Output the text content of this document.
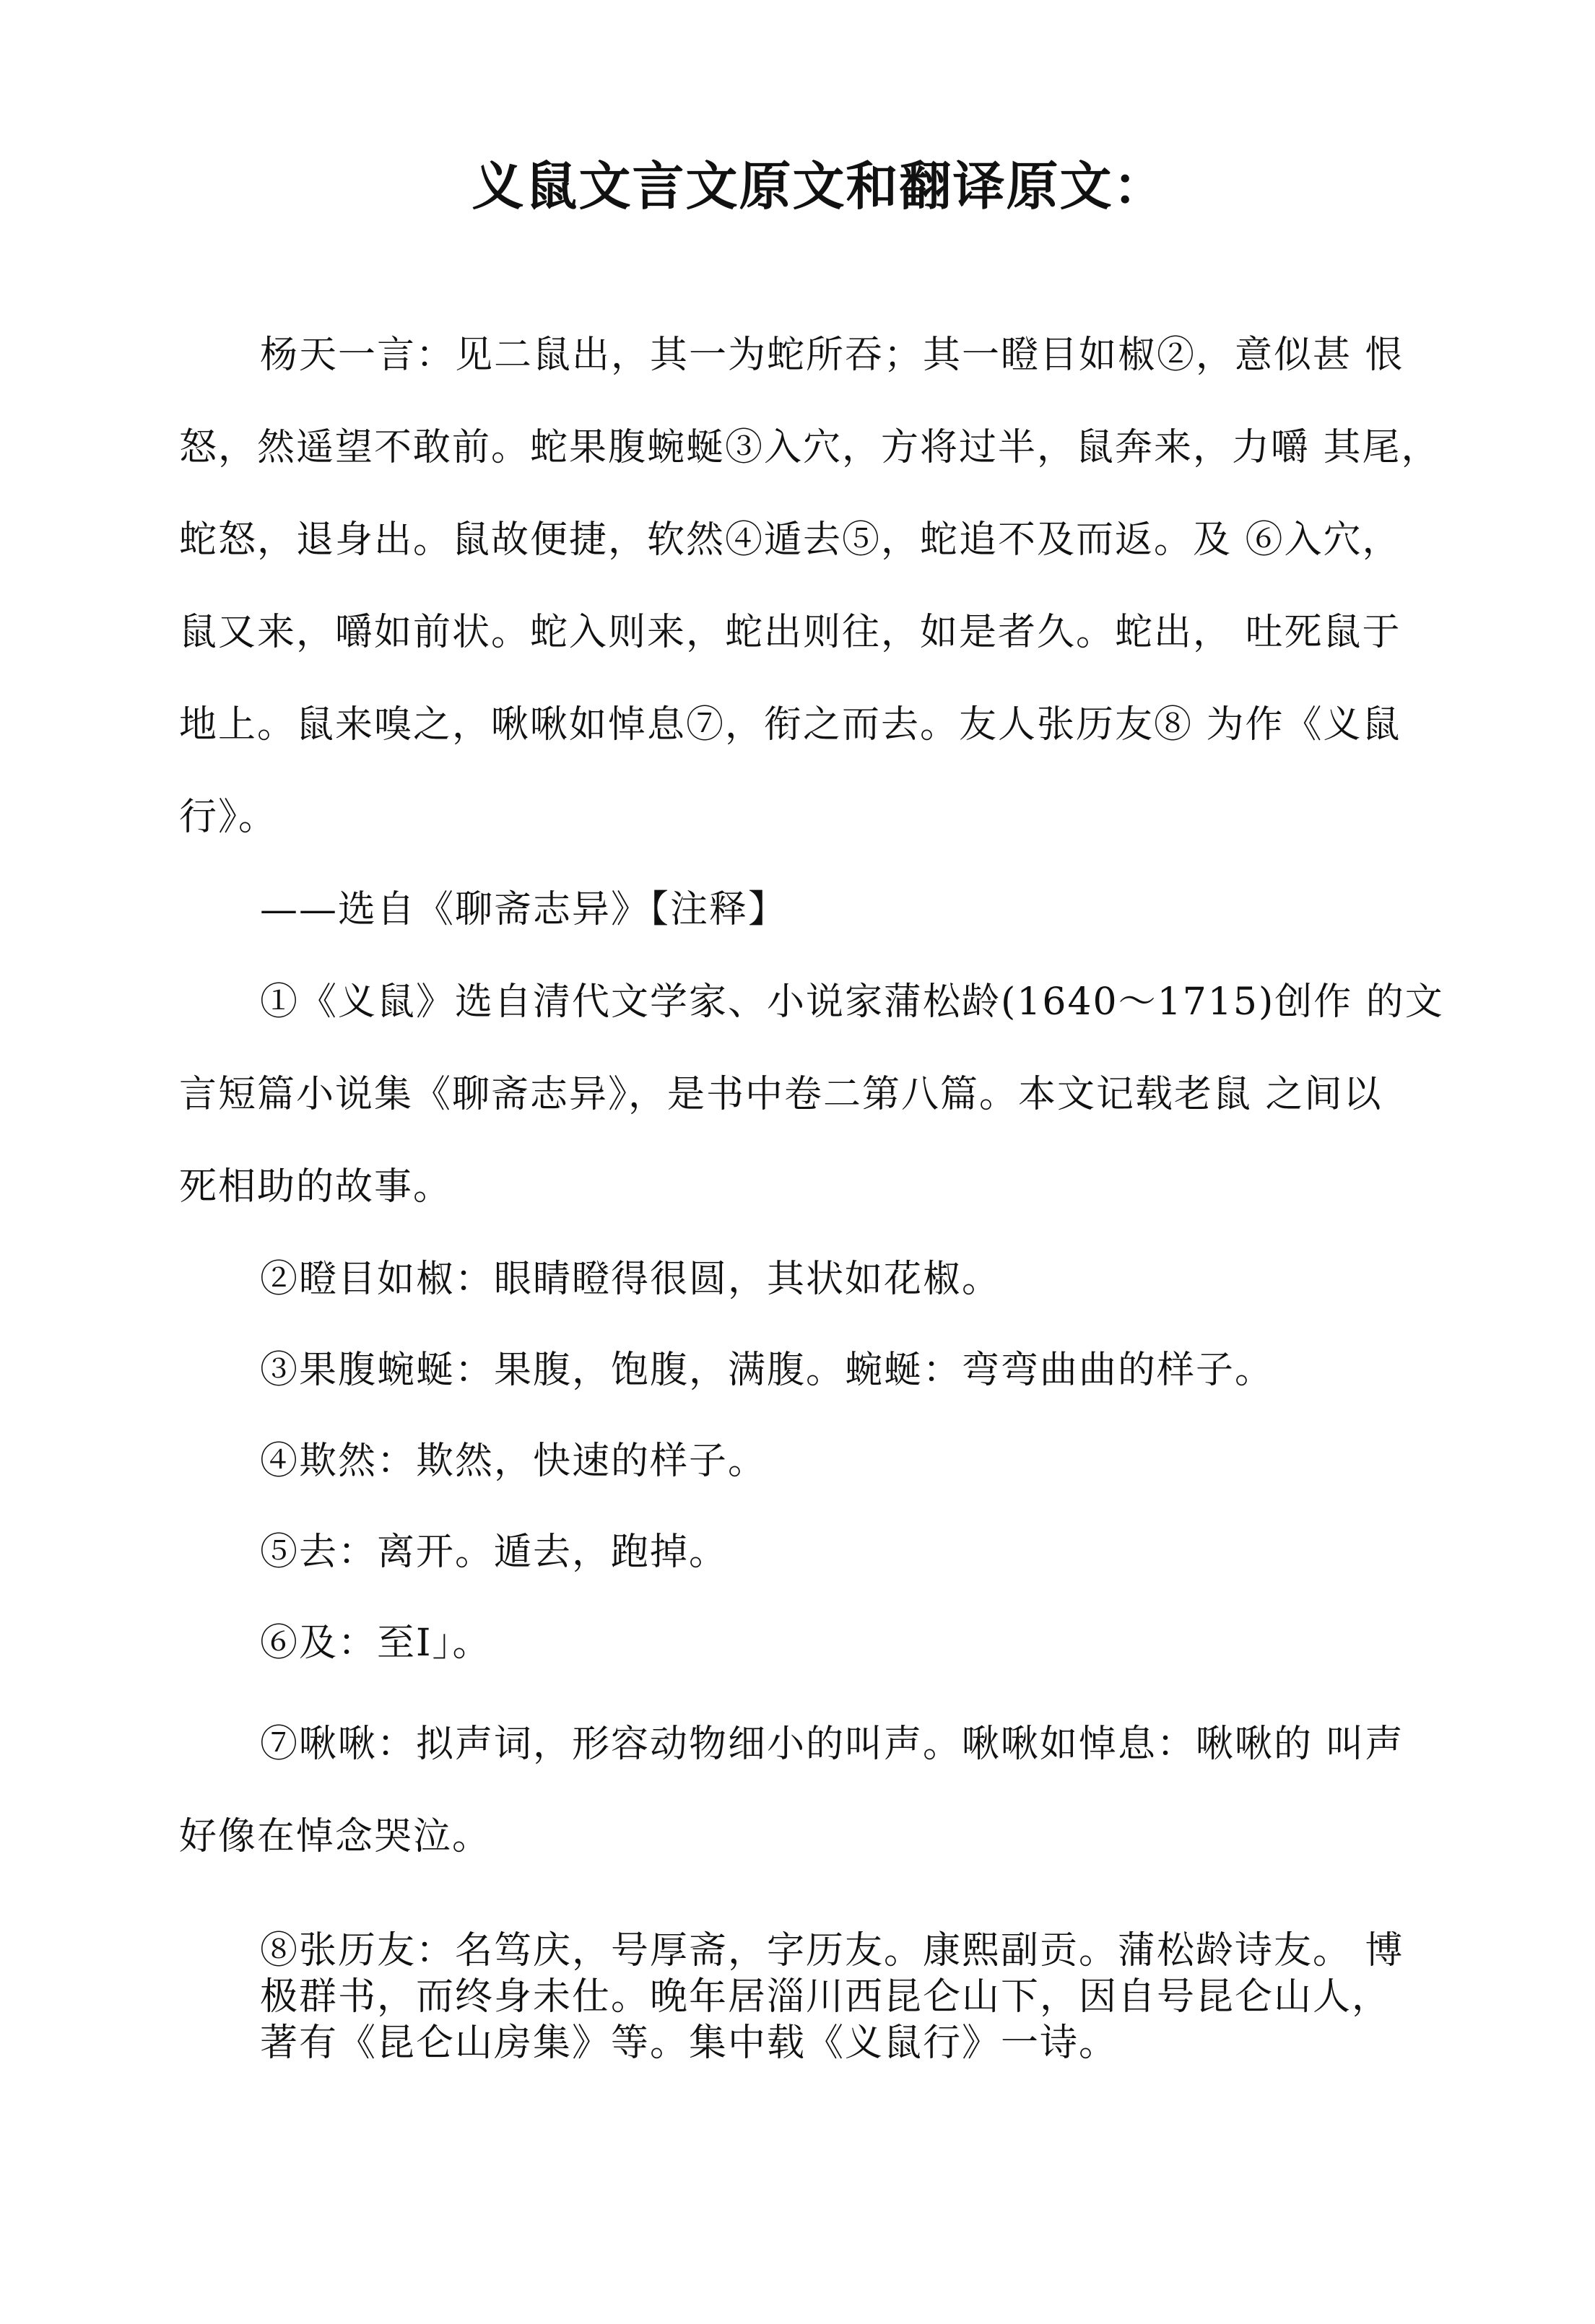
义鼠文言文原文和翻译原文：
杨天一言：见二鼠出，其一为蛇所吞；其一瞪目如椒②，意似甚 恨
怒，然遥望不敢前。蛇果腹蜿蜒③入穴，方将过半，鼠奔来，力嚼 其尾，
蛇怒，退身出。鼠故便捷，软然④遁去⑤，蛇追不及而返。及 ⑥入穴，
鼠又来，嚼如前状。蛇入则来，蛇出则往，如是者久。蛇出， 吐死鼠于
地上。鼠来嗅之，啾啾如悼息⑦，衔之而去。友人张历友⑧ 为作《义鼠
行》。
——选自《聊斋志异》【注释】
①《义鼠》选自清代文学家、小说家蒲松龄(1640〜1715)创作 的文
言短篇小说集《聊斋志异》，是书中卷二第八篇。本文记载老鼠 之间以
死相助的故事。
②瞪目如椒：眼睛瞪得很圆，其状如花椒。
③果腹蜿蜒：果腹，饱腹，满腹。蜿蜒：弯弯曲曲的样子。
④欺然：欺然，快速的样子。
⑤去：离开。遁去，跑掉。
⑥及：至I」。
⑦啾啾：拟声词，形容动物细小的叫声。啾啾如悼息：啾啾的 叫声
好像在悼念哭泣。
⑧张历友：名笃庆，号厚斋，字历友。康熙副贡。蒲松龄诗友。 博
极群书，而终身未仕。晚年居淄川西昆仑山下，因自号昆仑山人，
著有《昆仑山房集》等。集中载《义鼠行》一诗。
